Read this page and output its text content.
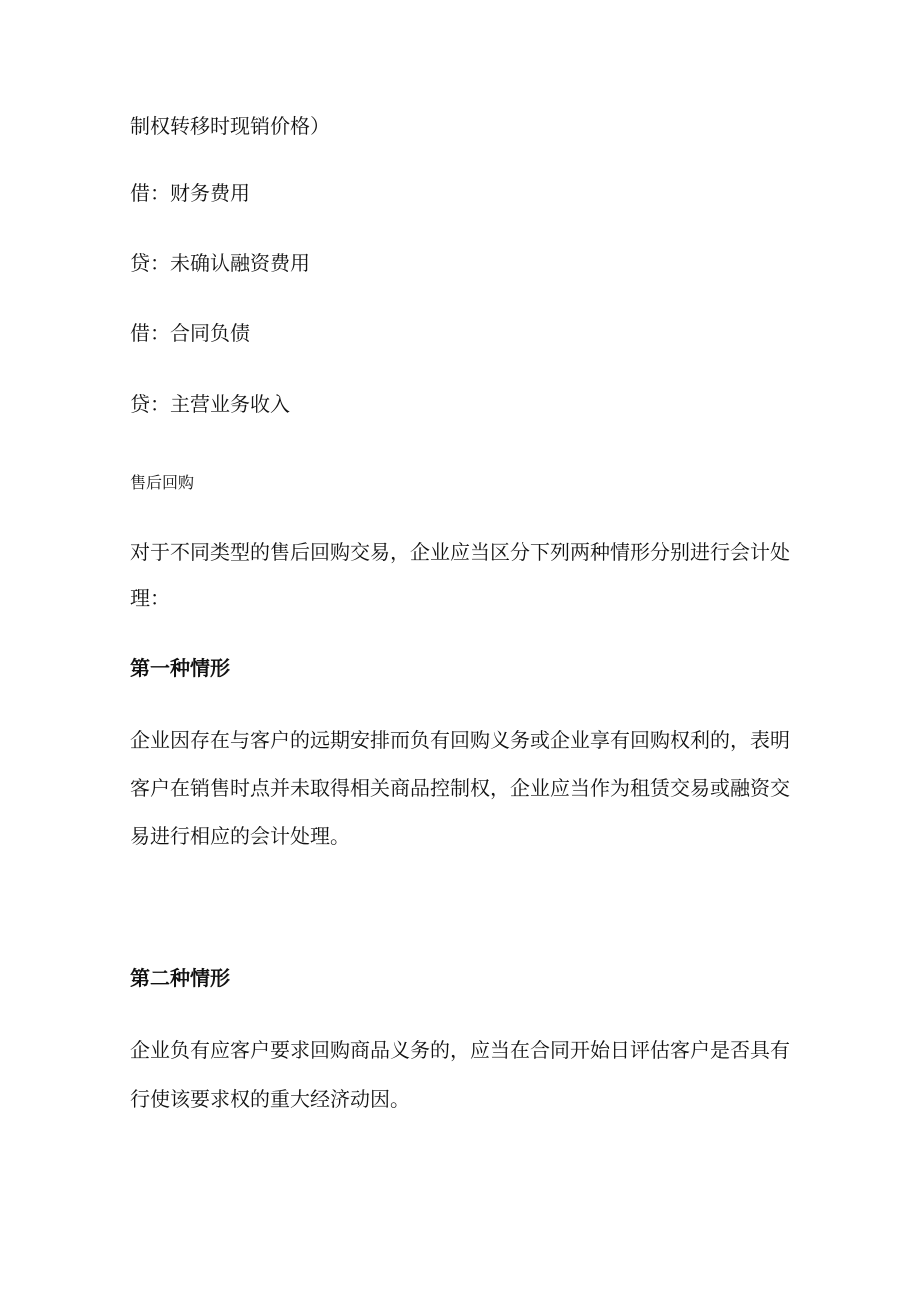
制权转移时现销价格）
借：财务费用
贷：未确认融资费用
借：合同负债
贷：主营业务收入
售后回购
对于不同类型的售后回购交易，企业应当区分下列两种情形分别进行会计处
理：
第一种情形
企业因存在与客户的远期安排而负有回购义务或企业享有回购权利的，表明
客户在销售时点并未取得相关商品控制权，企业应当作为租赁交易或融资交
易进行相应的会计处理。
第二种情形
企业负有应客户要求回购商品义务的，应当在合同开始日评估客户是否具有
行使该要求权的重大经济动因。
